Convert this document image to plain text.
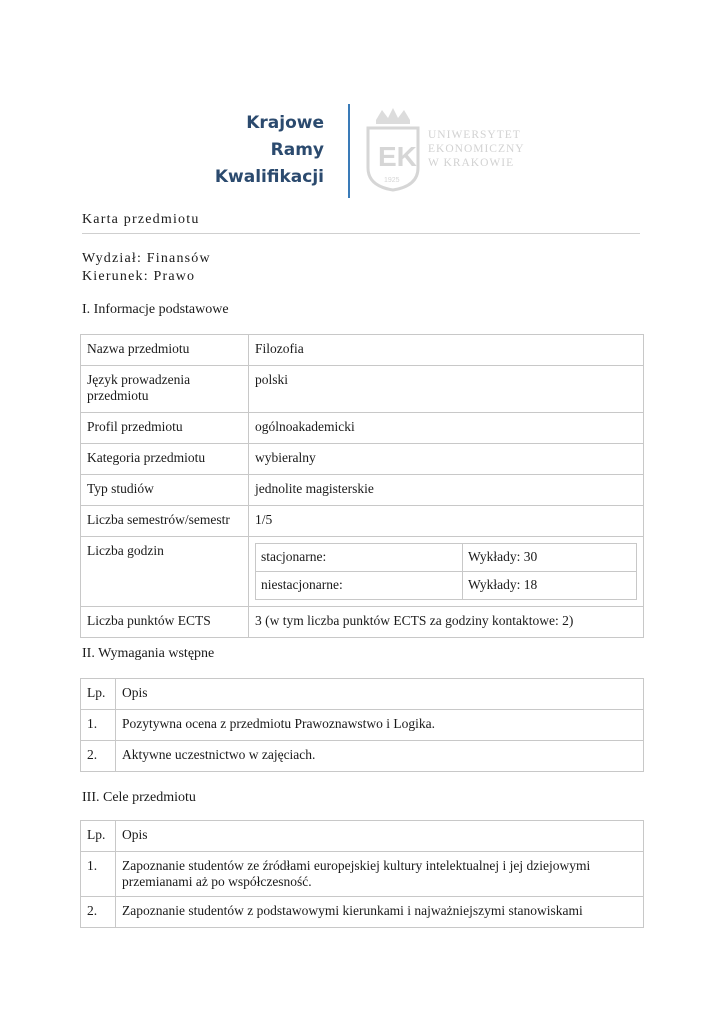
Krajowe
Ramy
Kwalifikacji
EK
1925
UNIWERSYTET
EKONOMICZNY
W KRAKOWIE
Karta przedmiotu
Wydział: Finansów
Kierunek: Prawo
I. Informacje podstawowe
Nazwa przedmiotu	Filozofia
Język prowadzenia przedmiotu	polski
Profil przedmiotu	ogólnoakademicki
Kategoria przedmiotu	wybieralny
Typ studiów	jednolite magisterskie
Liczba semestrów/semestr	1/5
Liczba godzin		stacjonarne:	Wykłady: 30
niestacjonarne:	Wykłady: 18

Liczba punktów ECTS	3 (w tym liczba punktów ECTS za godziny kontaktowe: 2)
II. Wymagania wstępne
Lp.	Opis
1.	Pozytywna ocena z przedmiotu Prawoznawstwo i Logika.
2.	Aktywne uczestnictwo w zajęciach.
III. Cele przedmiotu
Lp.	Opis
1.	Zapoznanie studentów ze źródłami europejskiej kultury intelektualnej i jej dziejowymi przemianami aż po współczesność.
2.	Zapoznanie studentów z podstawowymi kierunkami i najważniejszymi stanowiskami
